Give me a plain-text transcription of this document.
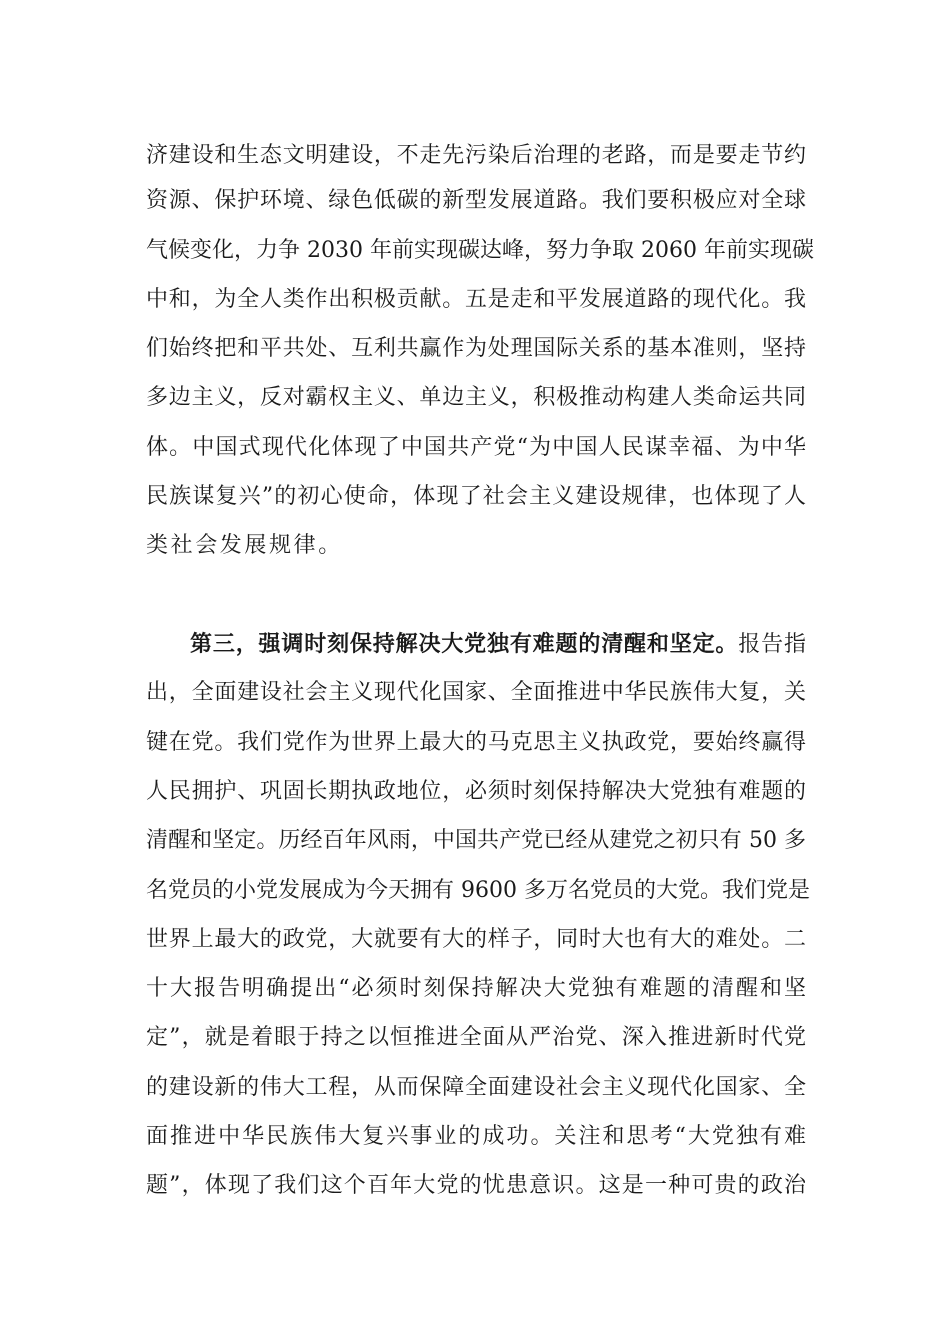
济建设和生态文明建设，不走先污染后治理的老路，而是要走节约
资源、保护环境、绿色低碳的新型发展道路。我们要积极应对全球
气候变化，力争 2030 年前实现碳达峰，努力争取 2060 年前实现碳
中和，为全人类作出积极贡献。五是走和平发展道路的现代化。我
们始终把和平共处、互利共赢作为处理国际关系的基本准则，坚持
多边主义，反对霸权主义、单边主义，积极推动构建人类命运共同
体。中国式现代化体现了中国共产党“为中国人民谋幸福、为中华
民族谋复兴”的初心使命，体现了社会主义建设规律，也体现了人
类社会发展规律。
第三，强调时刻保持解决大党独有难题的清醒和坚定。报告指
出，全面建设社会主义现代化国家、全面推进中华民族伟大复，关
键在党。我们党作为世界上最大的马克思主义执政党，要始终赢得
人民拥护、巩固长期执政地位，必须时刻保持解决大党独有难题的
清醒和坚定。历经百年风雨，中国共产党已经从建党之初只有 50 多
名党员的小党发展成为今天拥有 9600 多万名党员的大党。我们党是
世界上最大的政党，大就要有大的样子，同时大也有大的难处。二
十大报告明确提出“必须时刻保持解决大党独有难题的清醒和坚
定”，就是着眼于持之以恒推进全面从严治党、深入推进新时代党
的建设新的伟大工程，从而保障全面建设社会主义现代化国家、全
面推进中华民族伟大复兴事业的成功。关注和思考“大党独有难
题”，体现了我们这个百年大党的忧患意识。这是一种可贵的政治
